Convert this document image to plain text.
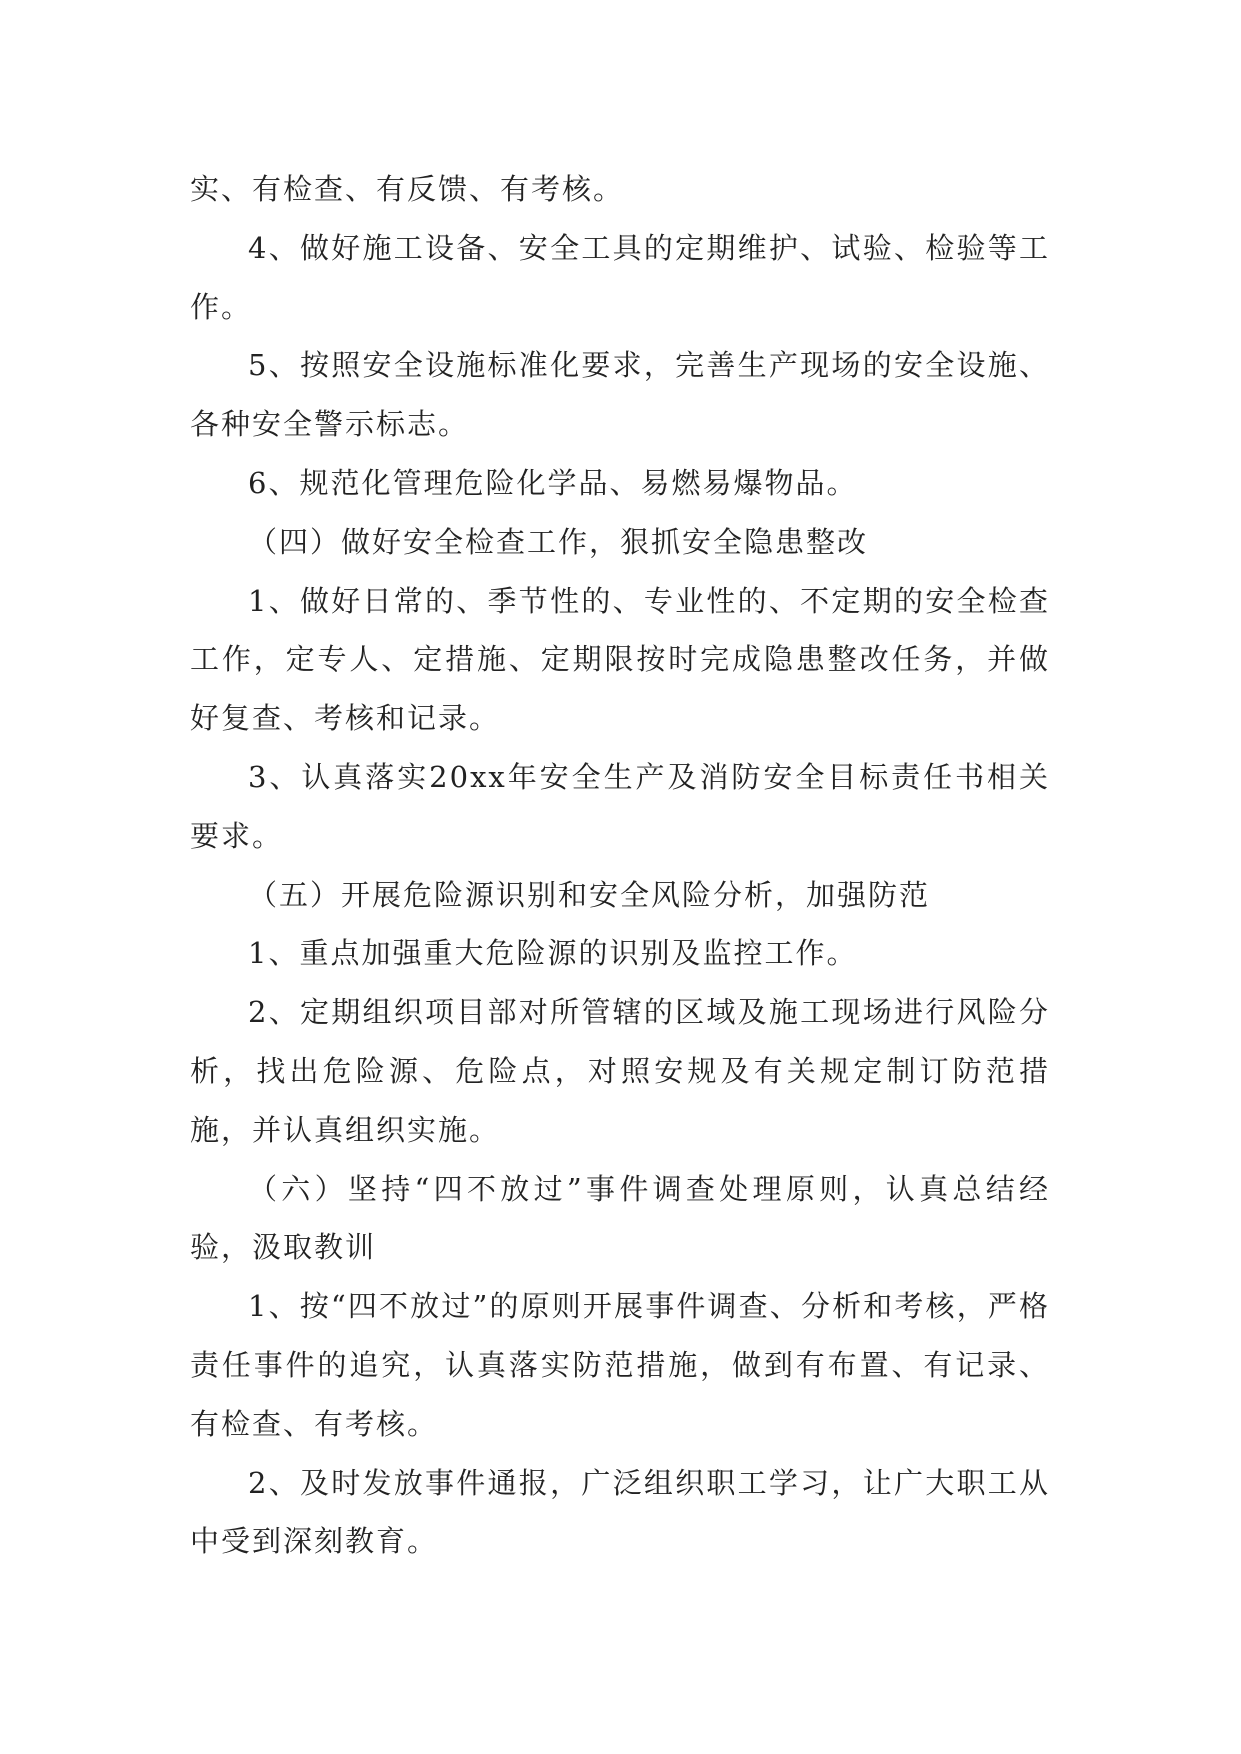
实、有检查、有反馈、有考核。

4、做好施工设备、安全工具的定期维护、试验、检验等工作。

5、按照安全设施标准化要求，完善生产现场的安全设施、各种安全警示标志。

6、规范化管理危险化学品、易燃易爆物品。

（四）做好安全检查工作，狠抓安全隐患整改

1、做好日常的、季节性的、专业性的、不定期的安全检查工作，定专人、定措施、定期限按时完成隐患整改任务，并做好复查、考核和记录。

3、认真落实20xx年安全生产及消防安全目标责任书相关要求。

（五）开展危险源识别和安全风险分析，加强防范

1、重点加强重大危险源的识别及监控工作。

2、定期组织项目部对所管辖的区域及施工现场进行风险分析，找出危险源、危险点，对照安规及有关规定制订防范措施，并认真组织实施。

（六）坚持“四不放过”事件调查处理原则，认真总结经验，汲取教训

1、按“四不放过”的原则开展事件调查、分析和考核，严格责任事件的追究，认真落实防范措施，做到有布置、有记录、有检查、有考核。

2、及时发放事件通报，广泛组织职工学习，让广大职工从中受到深刻教育。
